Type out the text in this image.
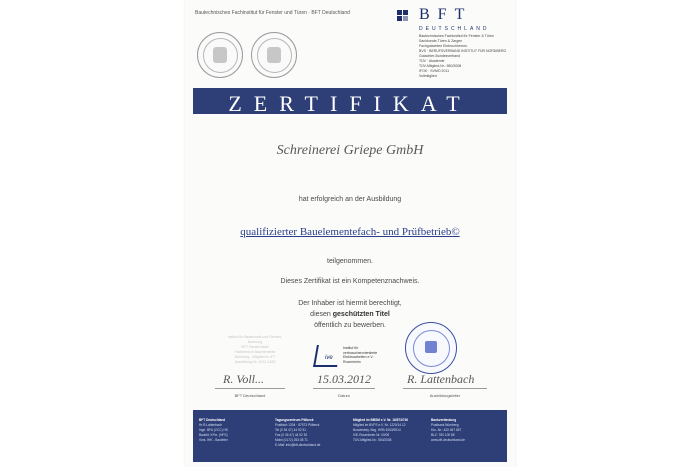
Bautechnisches Fachinstitut für Fenster und Türen · BFT Deutschland	BFT
DEUTSCHLAND
Bautechnisches Fachinstitut für Fenster & Türen
Sachkunde-Türen & Zargen
Fachgutachten Einbruchhemm.
BVS · BERUFSVERBAND INSTITUT FÜR NORDBERG
Gutachter-Bundesverband
TÜV · Akademie
TÜV-Mitglied-Nr.: 550/2008
IFOK · SVMÖ 2011
Vollmitglied
ZERTIFIKAT
Schreinerei Griepe GmbH
hat erfolgreich an der Ausbildung
qualifizierter Bauelementefach- und Prüfbetrieb©
teilgenommen.
Dieses Zertifikat ist ein Kompetenznachweis.
Der Inhaber ist hiermit berechtigt,
diesen geschützten Titel
öffentlich zu bewerben.
Institut für Bautechnik und Fenster-Normung
BFT Deutschland
Fachbereich Bauelemente
Nürnberg · Mitglied im IFT
Ausbildung-Nr. 2012-1455
ive
Institut für
verbraucherorientierte
Elektroarbeiten e.V.
Rosenheim
R. Voll...
BFT Deutschland
15.03.2012
Datum
R. Lattenbach
Ausbildungsleiter
BFT Deutschland
Hr.R.Lattenbach
Inge. BFA (VCC) HS
Bauleit. KFm. (HFS)
Vors. IHK - Bauleiter
Tagungszentrum Pölbeck
Postfach 1304 · 87573 Pölbeck
Tel (0 36 47) 44 92 51
Fax (0 36 47) 44 92 52
Mobil (0172) 253 08 71
E-Mail: info@bft-deutschland.de
Mitglied im BBSM e.V. Nr. 16/573/740
Mitglied im BVFS e.V. Nr. 1220/14.12
Bundesbey. Beg. HRB 3063/9514
IVE-Rosenheim Nr. 00/05
TÜV-Mitglied-Nr.: 550/2008
Bankverbindung
Postbank Nürnberg
Kto.-Nr.: 420 467 857
BLZ: 760 100 85
www.bft-deutschland.de
